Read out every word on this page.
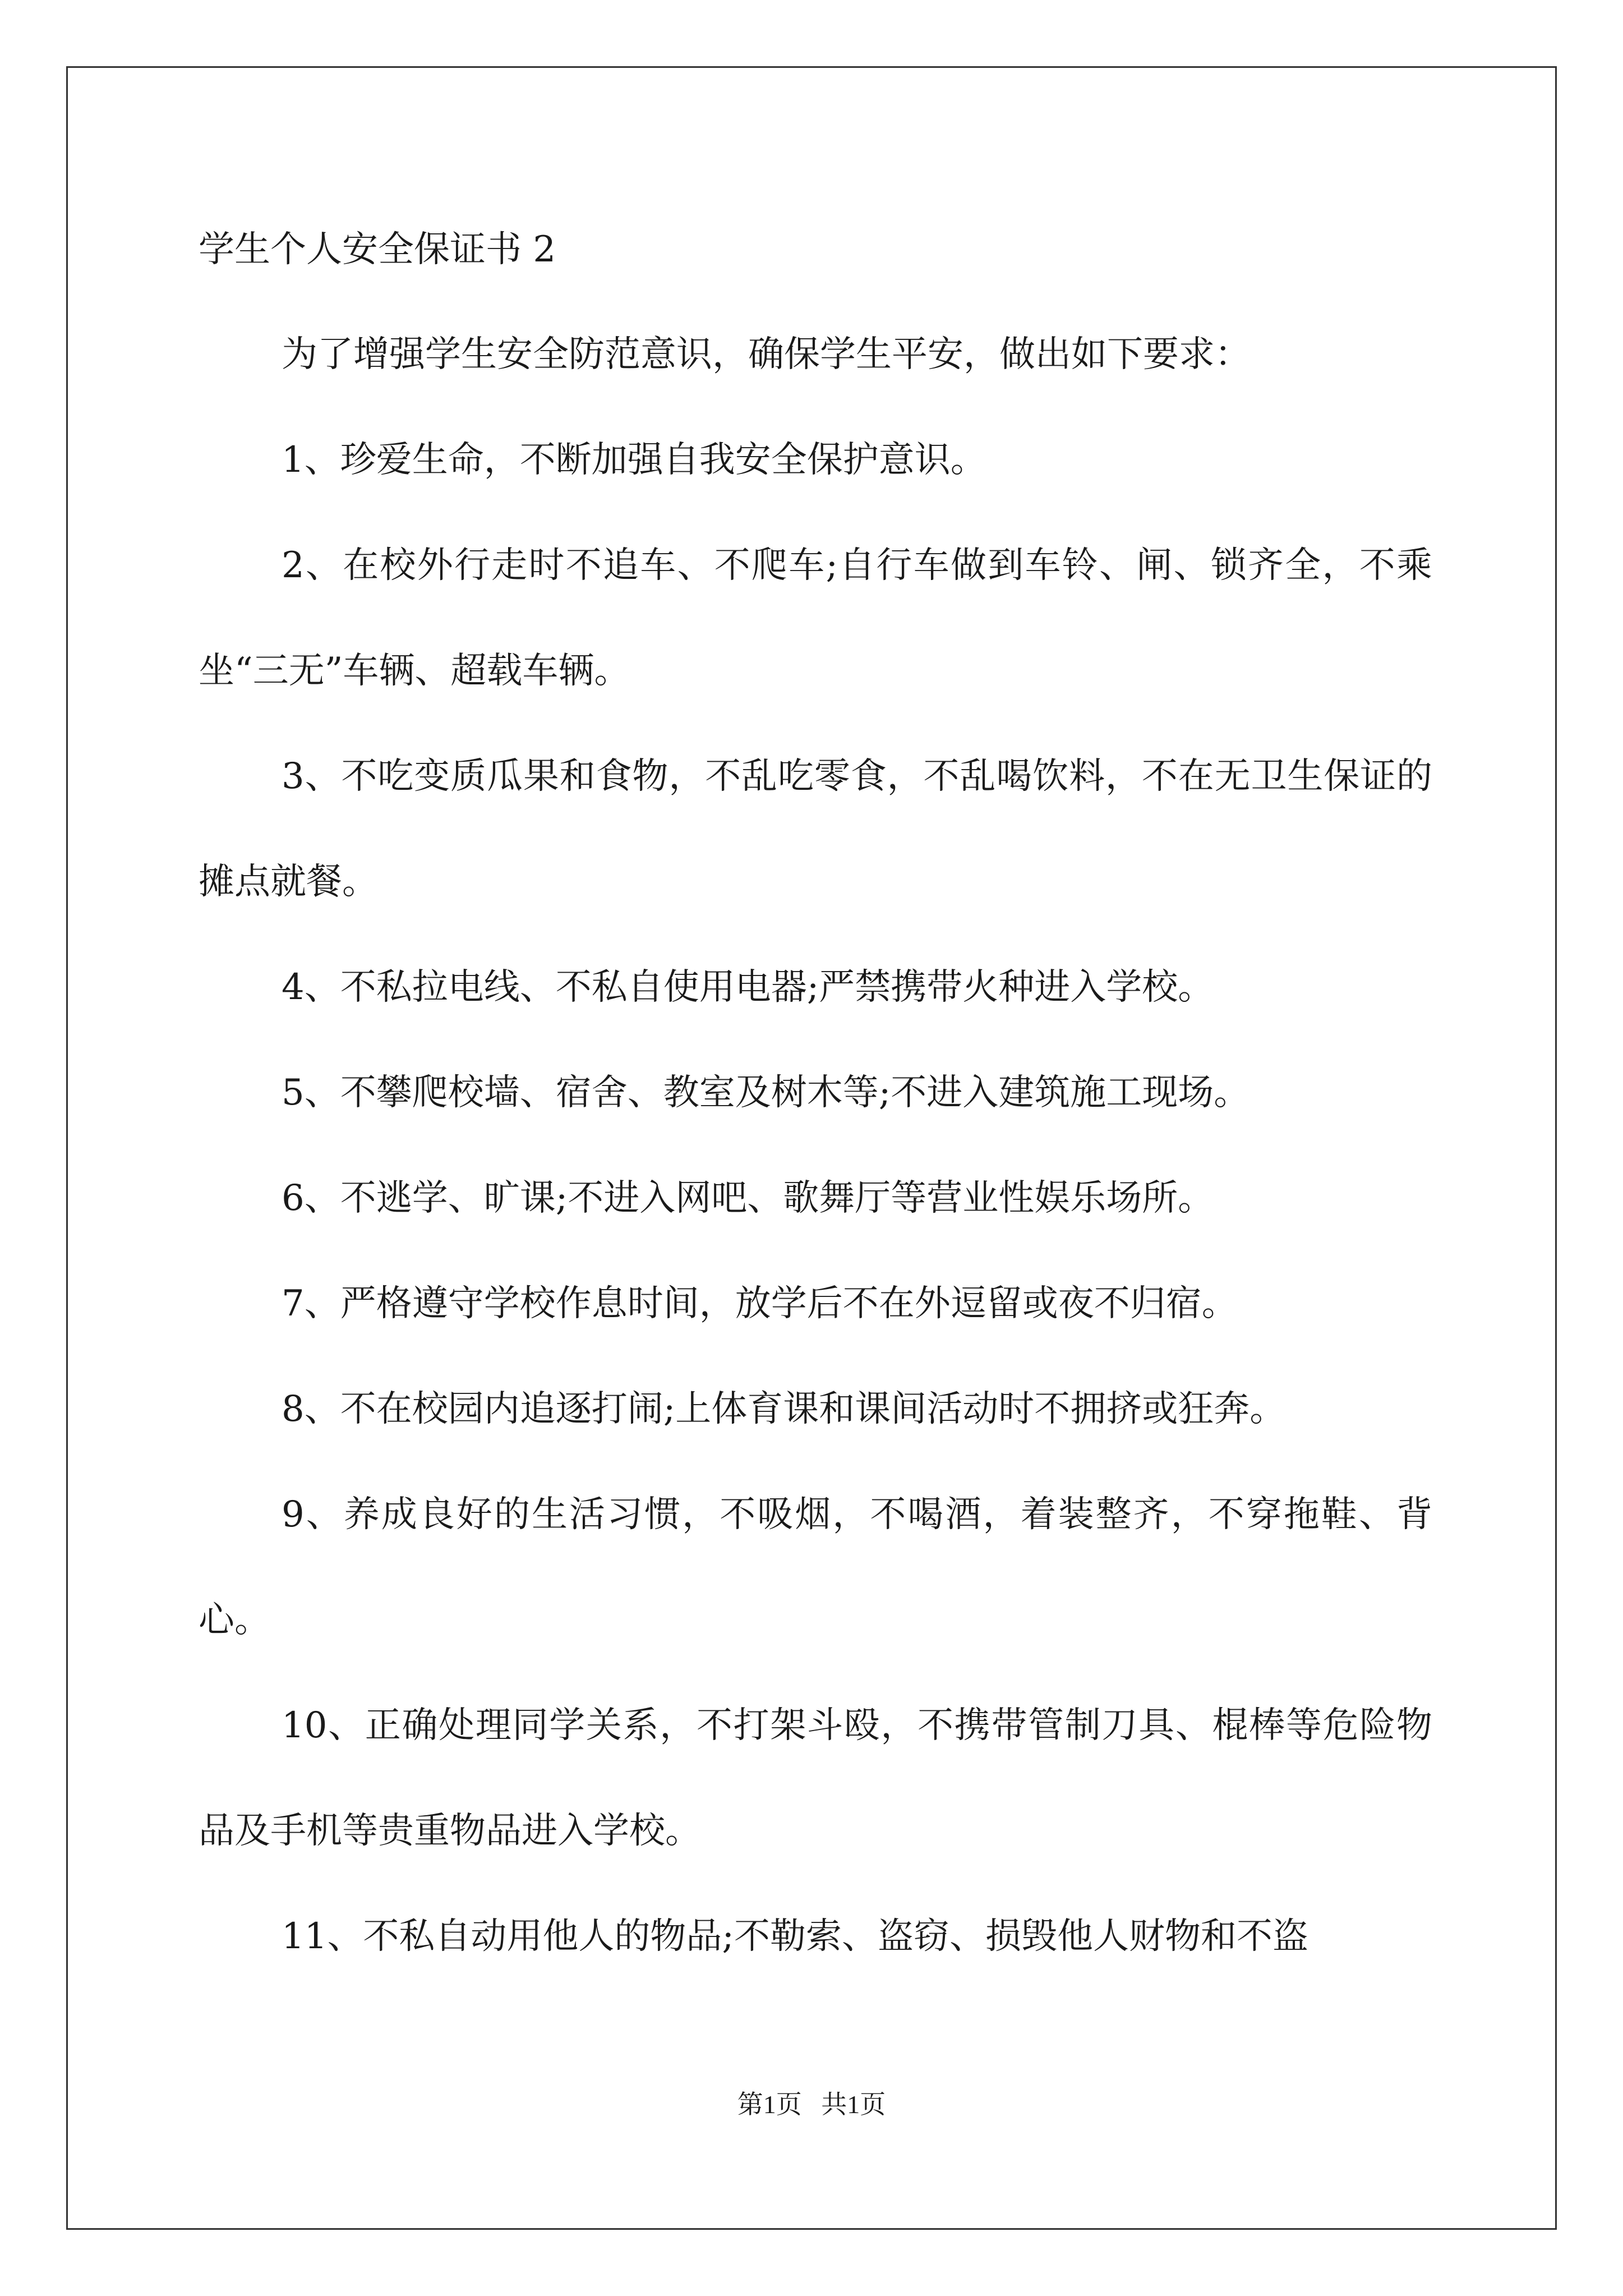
学生个人安全保证书 2

为了增强学生安全防范意识，确保学生平安，做出如下要求：

1、珍爱生命，不断加强自我安全保护意识。

2、在校外行走时不追车、不爬车;自行车做到车铃、闸、锁齐全，不乘坐“三无”车辆、超载车辆。

3、不吃变质瓜果和食物，不乱吃零食，不乱喝饮料，不在无卫生保证的摊点就餐。

4、不私拉电线、不私自使用电器;严禁携带火种进入学校。

5、不攀爬校墙、宿舍、教室及树木等;不进入建筑施工现场。

6、不逃学、旷课;不进入网吧、歌舞厅等营业性娱乐场所。

7、严格遵守学校作息时间，放学后不在外逗留或夜不归宿。

8、不在校园内追逐打闹;上体育课和课间活动时不拥挤或狂奔。

9、养成良好的生活习惯，不吸烟，不喝酒，着装整齐，不穿拖鞋、背心。

10、正确处理同学关系，不打架斗殴，不携带管制刀具、棍棒等危险物品及手机等贵重物品进入学校。

11、不私自动用他人的物品;不勒索、盗窃、损毁他人财物和不盗

第1页   共1页
